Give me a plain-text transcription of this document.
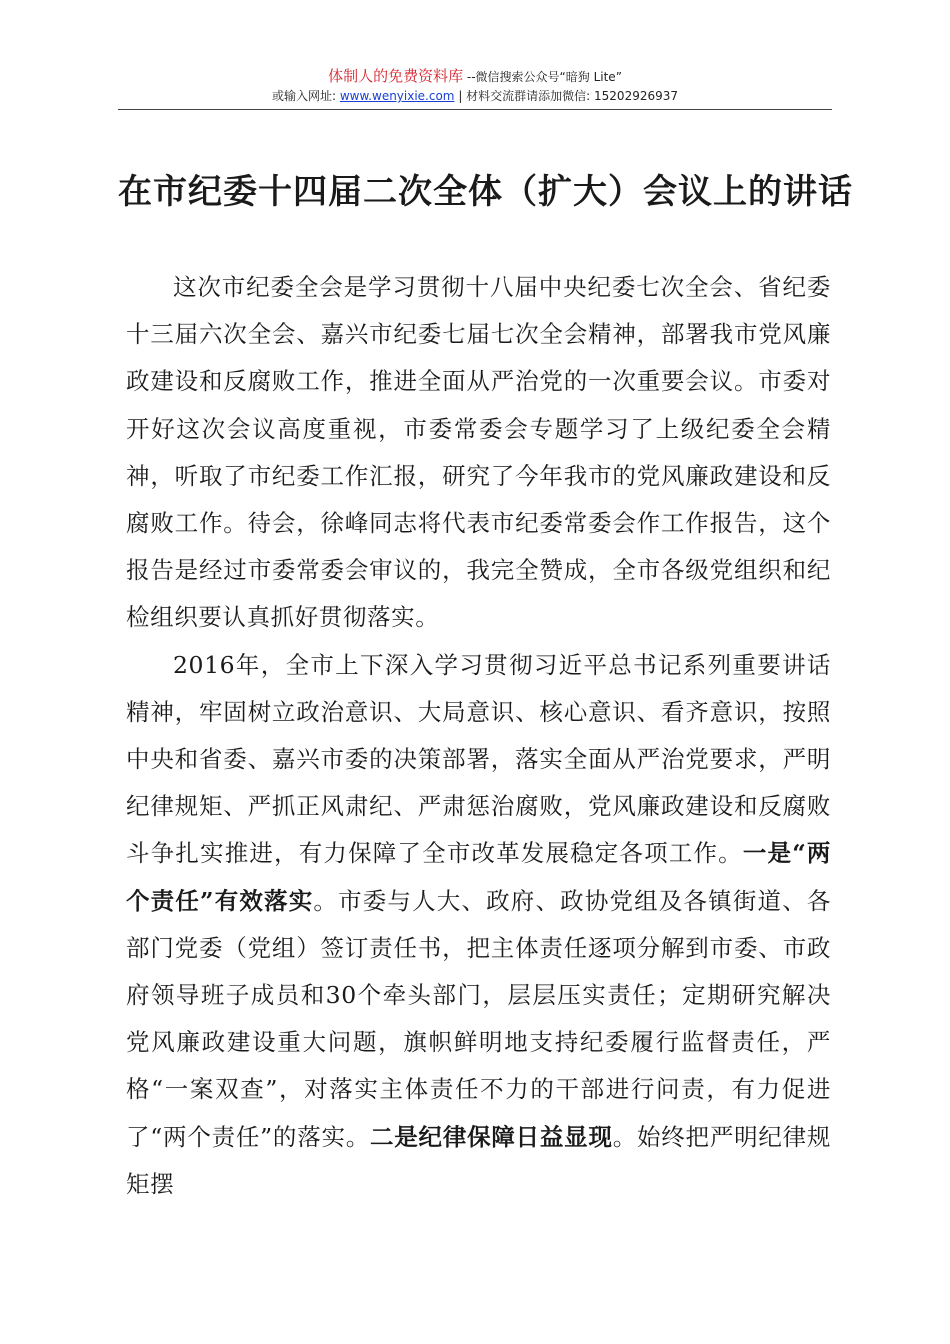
体制人的免费资料库 --微信搜索公众号“暗狗 Lite”
或输入网址: www.wenyixie.com | 材料交流群请添加微信: 15202926937
在市纪委十四届二次全体（扩大）会议上的讲话

这次市纪委全会是学习贯彻十八届中央纪委七次全会、省纪委十三届六次全会、嘉兴市纪委七届七次全会精神，部署我市党风廉政建设和反腐败工作，推进全面从严治党的一次重要会议。市委对开好这次会议高度重视，市委常委会专题学习了上级纪委全会精神，听取了市纪委工作汇报，研究了今年我市的党风廉政建设和反腐败工作。待会，徐峰同志将代表市纪委常委会作工作报告，这个报告是经过市委常委会审议的，我完全赞成，全市各级党组织和纪检组织要认真抓好贯彻落实。

2016年，全市上下深入学习贯彻习近平总书记系列重要讲话精神，牢固树立政治意识、大局意识、核心意识、看齐意识，按照中央和省委、嘉兴市委的决策部署，落实全面从严治党要求，严明纪律规矩、严抓正风肃纪、严肃惩治腐败，党风廉政建设和反腐败斗争扎实推进，有力保障了全市改革发展稳定各项工作。一是“两个责任”有效落实。市委与人大、政府、政协党组及各镇街道、各部门党委（党组）签订责任书，把主体责任逐项分解到市委、市政府领导班子成员和30个牵头部门，层层压实责任；定期研究解决党风廉政建设重大问题，旗帜鲜明地支持纪委履行监督责任，严格“一案双查”，对落实主体责任不力的干部进行问责，有力促进了“两个责任”的落实。二是纪律保障日益显现。始终把严明纪律规矩摆
